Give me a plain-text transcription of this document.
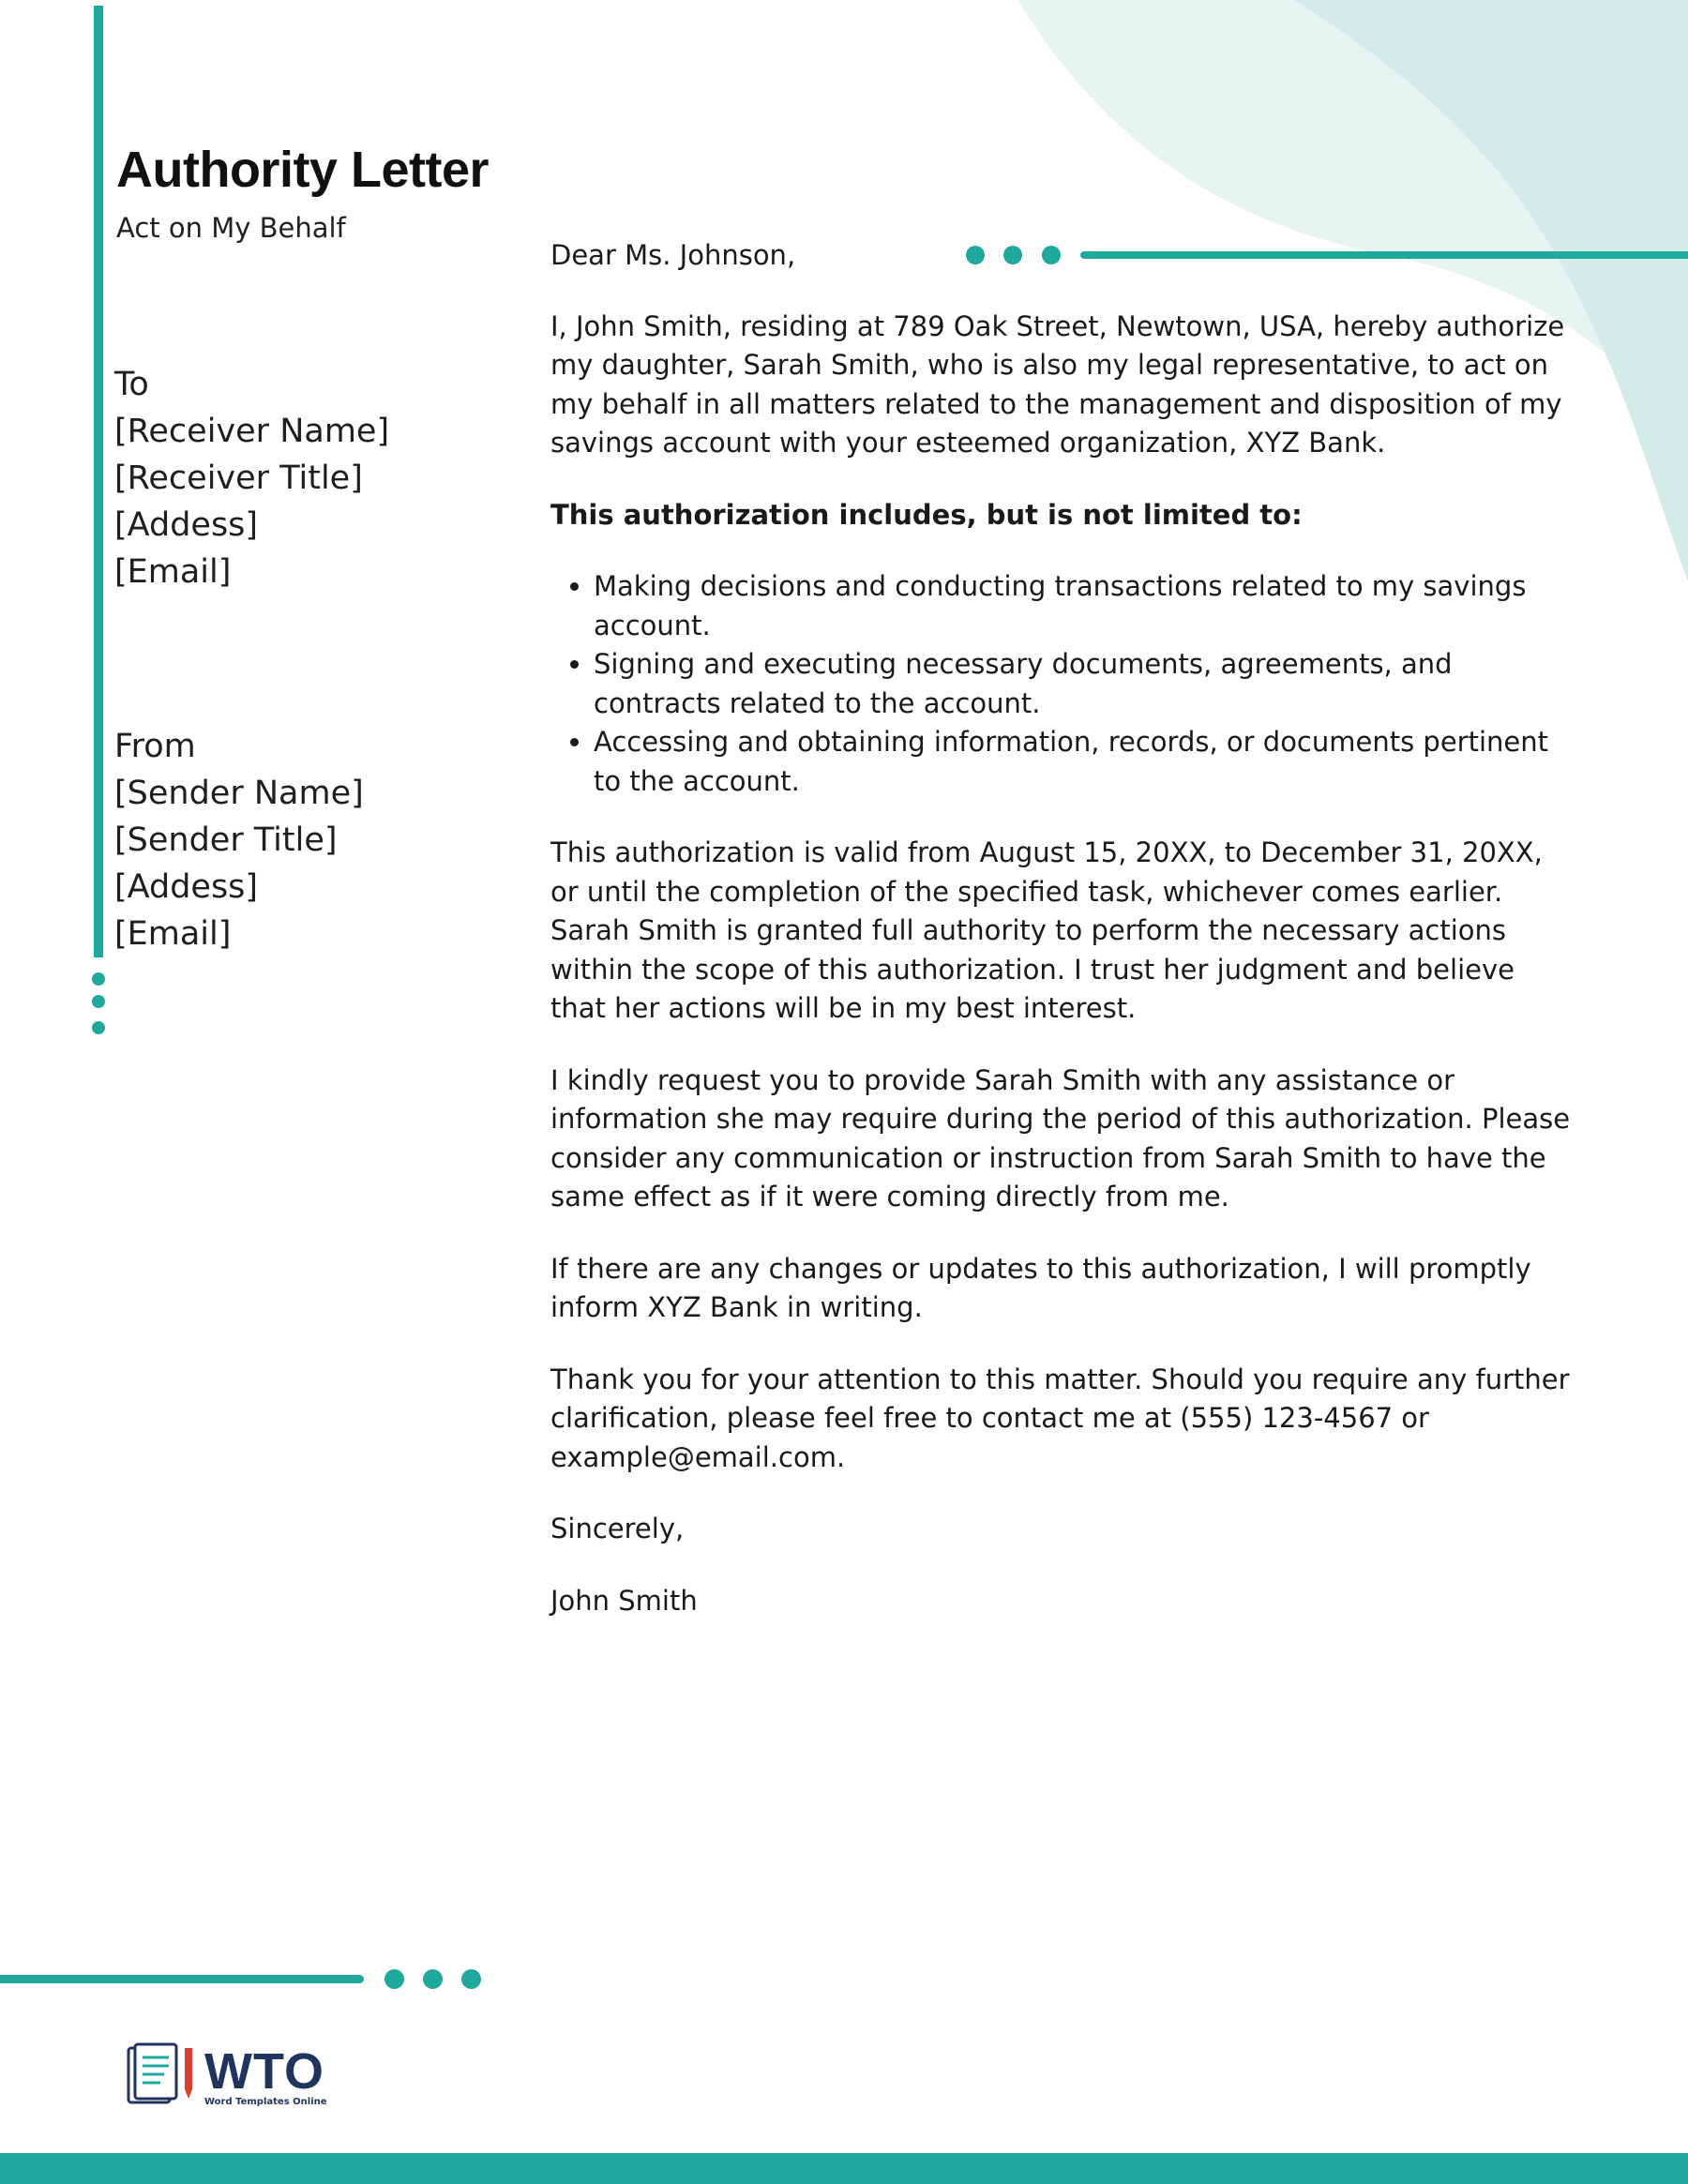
Authority Letter
Act on My Behalf
To
[Receiver Name]
[Receiver Title]
[Addess]
[Email]
From
[Sender Name]
[Sender Title]
[Addess]
[Email]

Dear Ms. Johnson,

I, John Smith, residing at 789 Oak Street, Newtown, USA, hereby authorize my daughter, Sarah Smith, who is also my legal representative, to act on my behalf in all matters related to the management and disposition of my savings account with your esteemed organization, XYZ Bank.

This authorization includes, but is not limited to:

• Making decisions and conducting transactions related to my savings account.
• Signing and executing necessary documents, agreements, and contracts related to the account.
• Accessing and obtaining information, records, or documents pertinent to the account.

This authorization is valid from August 15, 20XX, to December 31, 20XX, or until the completion of the specified task, whichever comes earlier. Sarah Smith is granted full authority to perform the necessary actions within the scope of this authorization. I trust her judgment and believe that her actions will be in my best interest.

I kindly request you to provide Sarah Smith with any assistance or information she may require during the period of this authorization. Please consider any communication or instruction from Sarah Smith to have the same effect as if it were coming directly from me.

If there are any changes or updates to this authorization, I will promptly inform XYZ Bank in writing.

Thank you for your attention to this matter. Should you require any further clarification, please feel free to contact me at (555) 123-4567 or example@email.com.

Sincerely,

John Smith

WTO
Word Templates Online
